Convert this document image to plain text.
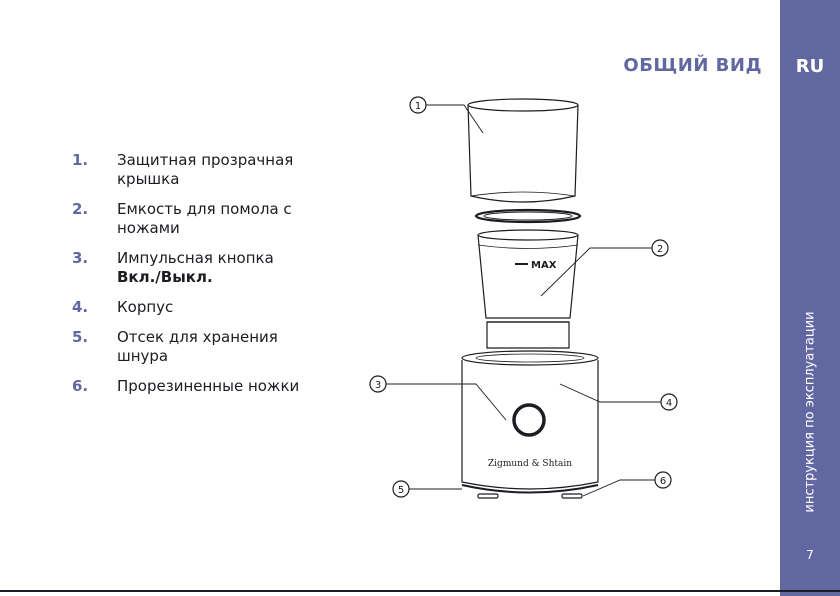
RU
инструкция по эксплуатации
7
ОБЩИЙ ВИД
1.	Защитная прозрачная
крышка
2.	Емкость для помола с
ножами
3.	Импульсная кнопка
Вкл./Выкл.
4.	Корпус
5.	Отсек для хранения
шнура
6.	Прорезиненные ножки
MAX
Zigmund & Shtain
1
2
3
4
5
6
